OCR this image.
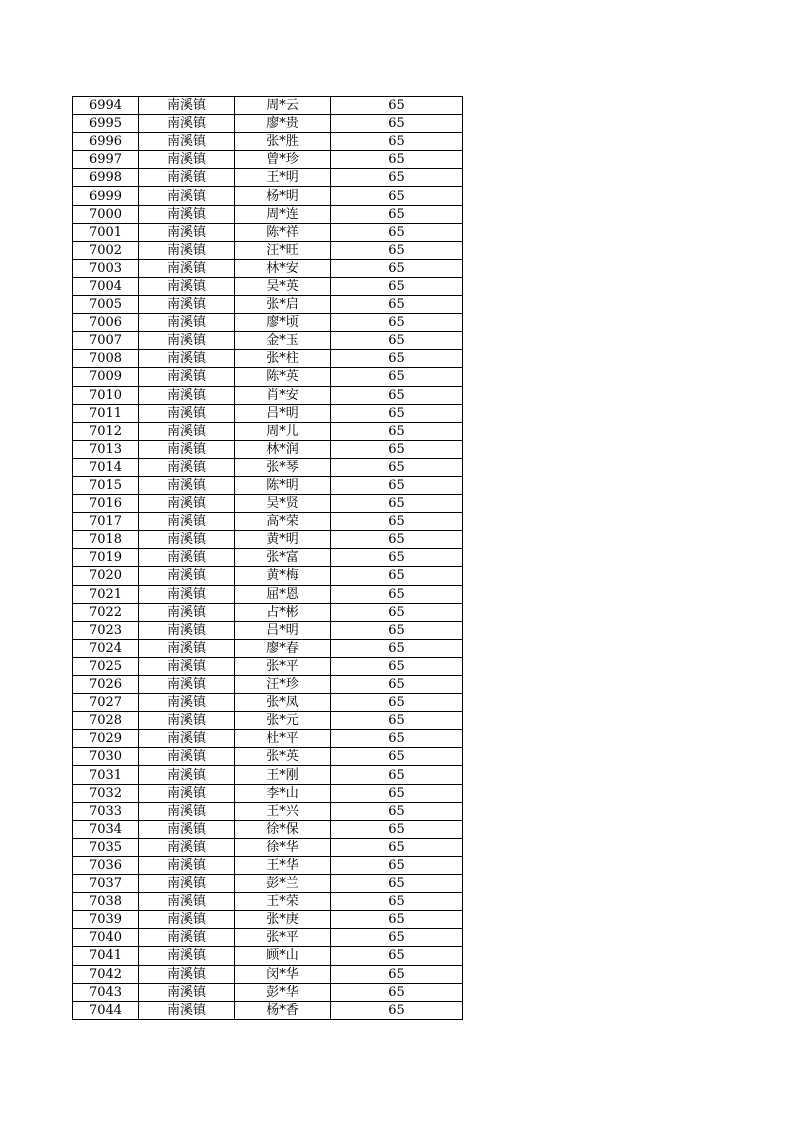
6994	南溪镇	周*云	65
6995	南溪镇	廖*贵	65
6996	南溪镇	张*胜	65
6997	南溪镇	曾*珍	65
6998	南溪镇	王*明	65
6999	南溪镇	杨*明	65
7000	南溪镇	周*连	65
7001	南溪镇	陈*祥	65
7002	南溪镇	汪*旺	65
7003	南溪镇	林*安	65
7004	南溪镇	吴*英	65
7005	南溪镇	张*启	65
7006	南溪镇	廖*顷	65
7007	南溪镇	金*玉	65
7008	南溪镇	张*柱	65
7009	南溪镇	陈*英	65
7010	南溪镇	肖*安	65
7011	南溪镇	吕*明	65
7012	南溪镇	周*儿	65
7013	南溪镇	林*润	65
7014	南溪镇	张*琴	65
7015	南溪镇	陈*明	65
7016	南溪镇	吴*贤	65
7017	南溪镇	高*荣	65
7018	南溪镇	黄*明	65
7019	南溪镇	张*富	65
7020	南溪镇	黄*梅	65
7021	南溪镇	屈*恩	65
7022	南溪镇	占*彬	65
7023	南溪镇	吕*明	65
7024	南溪镇	廖*春	65
7025	南溪镇	张*平	65
7026	南溪镇	汪*珍	65
7027	南溪镇	张*凤	65
7028	南溪镇	张*元	65
7029	南溪镇	杜*平	65
7030	南溪镇	张*英	65
7031	南溪镇	王*刚	65
7032	南溪镇	李*山	65
7033	南溪镇	王*兴	65
7034	南溪镇	徐*保	65
7035	南溪镇	徐*华	65
7036	南溪镇	王*华	65
7037	南溪镇	彭*兰	65
7038	南溪镇	王*荣	65
7039	南溪镇	张*庚	65
7040	南溪镇	张*平	65
7041	南溪镇	顾*山	65
7042	南溪镇	闵*华	65
7043	南溪镇	彭*华	65
7044	南溪镇	杨*香	65
